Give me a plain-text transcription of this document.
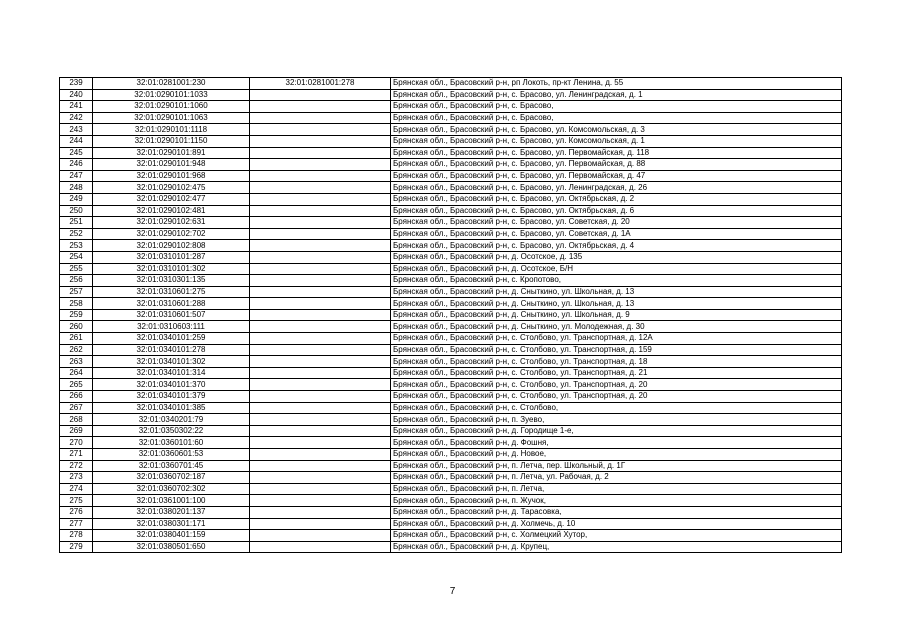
239	32:01:0281001:230	32:01:0281001:278	Брянская обл., Брасовский р-н, рп Локоть, пр-кт Ленина, д. 55
240	32:01:0290101:1033		Брянская обл., Брасовский р-н, с. Брасово, ул. Ленинградская, д. 1
241	32:01:0290101:1060		Брянская обл., Брасовский р-н, с. Брасово,
242	32:01:0290101:1063		Брянская обл., Брасовский р-н, с. Брасово,
243	32:01:0290101:1118		Брянская обл., Брасовский р-н, с. Брасово, ул. Комсомольская, д. 3
244	32:01:0290101:1150		Брянская обл., Брасовский р-н, с. Брасово, ул. Комсомольская, д. 1
245	32:01:0290101:891		Брянская обл., Брасовский р-н, с. Брасово, ул. Первомайская, д. 118
246	32:01:0290101:948		Брянская обл., Брасовский р-н, с. Брасово, ул. Первомайская, д. 88
247	32:01:0290101:968		Брянская обл., Брасовский р-н, с. Брасово, ул. Первомайская, д. 47
248	32:01:0290102:475		Брянская обл., Брасовский р-н, с. Брасово, ул. Ленинградская, д. 26
249	32:01:0290102:477		Брянская обл., Брасовский р-н, с. Брасово, ул. Октябрьская, д. 2
250	32:01:0290102:481		Брянская обл., Брасовский р-н, с. Брасово, ул. Октябрьская, д. 6
251	32:01:0290102:631		Брянская обл., Брасовский р-н, с. Брасово, ул. Советская, д. 20
252	32:01:0290102:702		Брянская обл., Брасовский р-н, с. Брасово, ул. Советская, д. 1А
253	32:01:0290102:808		Брянская обл., Брасовский р-н, с. Брасово, ул. Октябрьская, д. 4
254	32:01:0310101:287		Брянская обл., Брасовский р-н, д. Осотское, д. 135
255	32:01:0310101:302		Брянская обл., Брасовский р-н, д. Осотское, Б/Н
256	32:01:0310301:135		Брянская обл., Брасовский р-н, с. Кропотово,
257	32:01:0310601:275		Брянская обл., Брасовский р-н, д. Сныткино, ул. Школьная, д. 13
258	32:01:0310601:288		Брянская обл., Брасовский р-н, д. Сныткино, ул. Школьная, д. 13
259	32:01:0310601:507		Брянская обл., Брасовский р-н, д. Сныткино, ул. Школьная, д. 9
260	32:01:0310603:111		Брянская обл., Брасовский р-н, д. Сныткино, ул. Молодежная, д. 30
261	32:01:0340101:259		Брянская обл., Брасовский р-н, с. Столбово, ул. Транспортная, д. 12А
262	32:01:0340101:278		Брянская обл., Брасовский р-н, с. Столбово, ул. Транспортная, д. 159
263	32:01:0340101:302		Брянская обл., Брасовский р-н, с. Столбово, ул. Транспортная, д. 18
264	32:01:0340101:314		Брянская обл., Брасовский р-н, с. Столбово, ул. Транспортная, д. 21
265	32:01:0340101:370		Брянская обл., Брасовский р-н, с. Столбово, ул. Транспортная, д. 20
266	32:01:0340101:379		Брянская обл., Брасовский р-н, с. Столбово, ул. Транспортная, д. 20
267	32:01:0340101:385		Брянская обл., Брасовский р-н, с. Столбово,
268	32:01:0340201:79		Брянская обл., Брасовский р-н, п. Зуево,
269	32:01:0350302:22		Брянская обл., Брасовский р-н, д. Городище 1-е,
270	32:01:0360101:60		Брянская обл., Брасовский р-н, д. Фошня,
271	32:01:0360601:53		Брянская обл., Брасовский р-н, д. Новое,
272	32:01:0360701:45		Брянская обл., Брасовский р-н, п. Летча, пер. Школьный, д. 1Г
273	32:01:0360702:187		Брянская обл., Брасовский р-н, п. Летча, ул. Рабочая, д. 2
274	32:01:0360702:302		Брянская обл., Брасовский р-н, п. Летча,
275	32:01:0361001:100		Брянская обл., Брасовский р-н, п. Жучок,
276	32:01:0380201:137		Брянская обл., Брасовский р-н, д. Тарасовка,
277	32:01:0380301:171		Брянская обл., Брасовский р-н, д. Холмечь, д. 10
278	32:01:0380401:159		Брянская обл., Брасовский р-н, с. Холмецкий Хутор,
279	32:01:0380501:650		Брянская обл., Брасовский р-н, д. Крупец,
7
